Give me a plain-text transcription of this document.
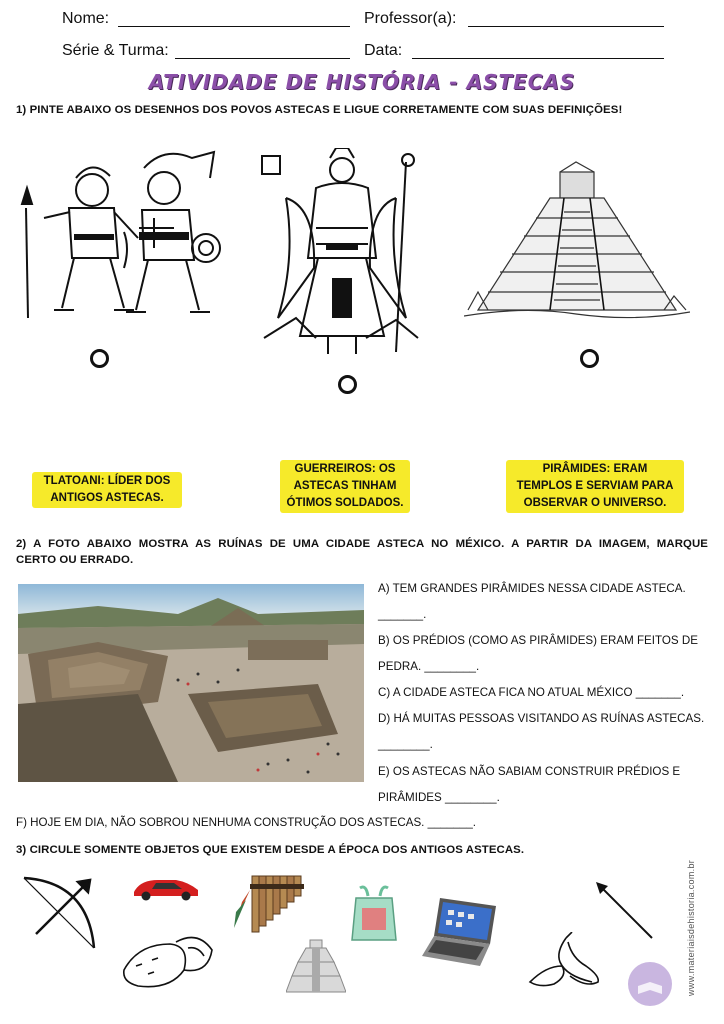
Nome:	Professor(a):
Série & Turma:	Data:
ATIVIDADE DE HISTÓRIA - ASTECAS
1) PINTE ABAIXO OS DESENHOS DOS POVOS ASTECAS E LIGUE CORRETAMENTE COM SUAS DEFINIÇÕES!
TLATOANI: LÍDER DOS
ANTIGOS ASTECAS.
GUERREIROS: OS
ASTECAS TINHAM
ÓTIMOS SOLDADOS.
PIRÂMIDES: ERAM
TEMPLOS E SERVIAM PARA
OBSERVAR O UNIVERSO.
2) A FOTO ABAIXO MOSTRA AS RUÍNAS DE UMA CIDADE ASTECA NO MÉXICO. A PARTIR DA IMAGEM, MARQUE
CERTO OU ERRADO.
A) TEM GRANDES PIRÂMIDES NESSA CIDADE ASTECA.
_______.
B) OS PRÉDIOS (COMO AS PIRÂMIDES) ERAM FEITOS DE
PEDRA. ________.
C) A CIDADE ASTECA FICA NO ATUAL MÉXICO _______.
D) HÁ MUITAS PESSOAS VISITANDO AS RUÍNAS ASTECAS.
________.
E) OS ASTECAS NÃO SABIAM CONSTRUIR PRÉDIOS E
PIRÂMIDES ________.
F) HOJE EM DIA, NÃO SOBROU NENHUMA CONSTRUÇÃO DOS ASTECAS. _______.
3) CIRCULE SOMENTE OBJETOS QUE EXISTEM DESDE A ÉPOCA DOS ANTIGOS ASTECAS.
www.materiaisdehistoria.com.br
